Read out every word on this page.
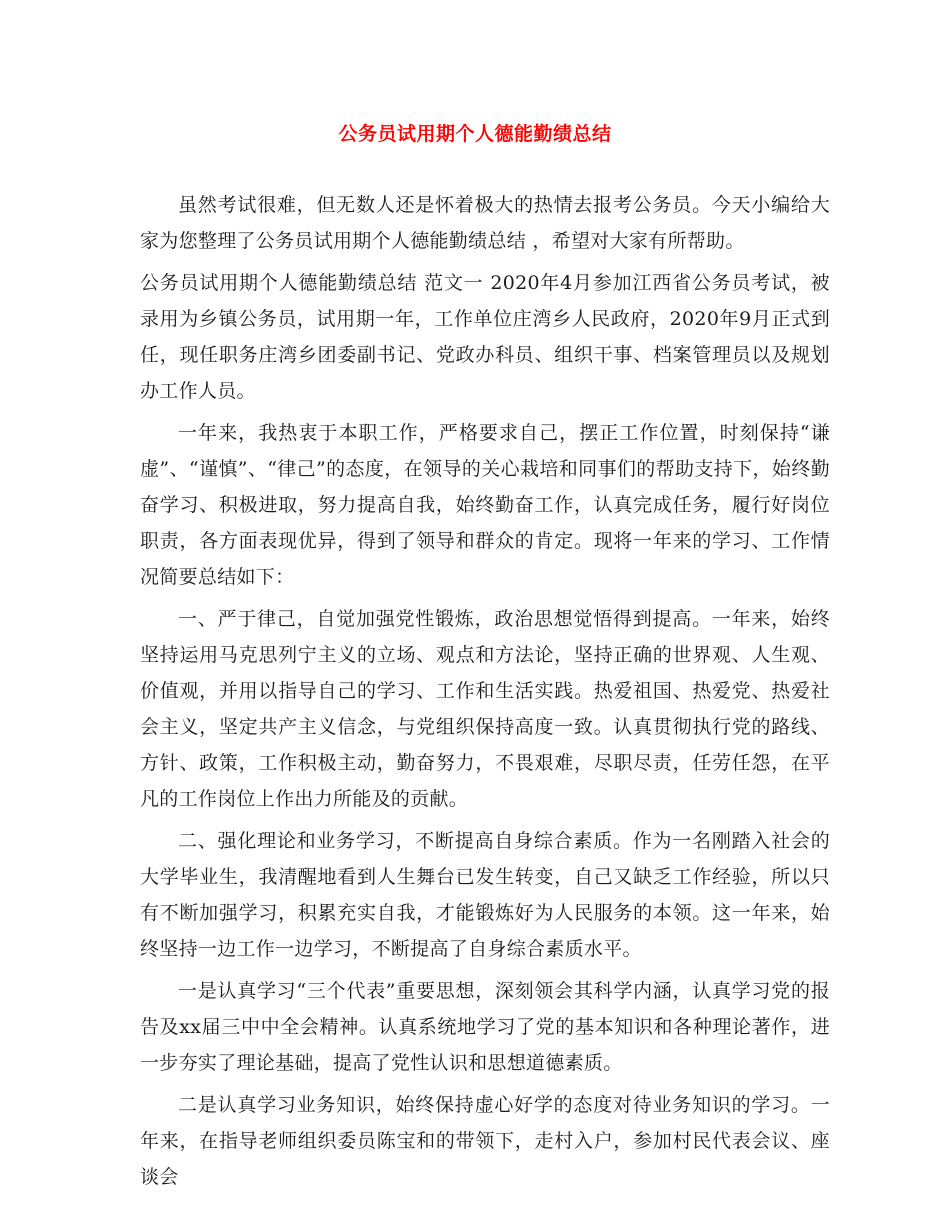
公务员试用期个人德能勤绩总结

虽然考试很难，但无数人还是怀着极大的热情去报考公务员。今天小编给大家为您整理了公务员试用期个人德能勤绩总结 ，希望对大家有所帮助。

公务员试用期个人德能勤绩总结 范文一 2020年4月参加江西省公务员考试，被录用为乡镇公务员，试用期一年，工作单位庄湾乡人民政府，2020年9月正式到任，现任职务庄湾乡团委副书记、党政办科员、组织干事、档案管理员以及规划办工作人员。

一年来，我热衷于本职工作，严格要求自己，摆正工作位置，时刻保持“谦虚”、“谨慎”、“律己”的态度，在领导的关心栽培和同事们的帮助支持下，始终勤奋学习、积极进取，努力提高自我，始终勤奋工作，认真完成任务，履行好岗位职责，各方面表现优异，得到了领导和群众的肯定。现将一年来的学习、工作情况简要总结如下：

一、严于律己，自觉加强党性锻炼，政治思想觉悟得到提高。一年来，始终坚持运用马克思列宁主义的立场、观点和方法论，坚持正确的世界观、人生观、价值观，并用以指导自己的学习、工作和生活实践。热爱祖国、热爱党、热爱社会主义，坚定共产主义信念，与党组织保持高度一致。认真贯彻执行党的路线、方针、政策，工作积极主动，勤奋努力，不畏艰难，尽职尽责，任劳任怨，在平凡的工作岗位上作出力所能及的贡献。

二、强化理论和业务学习，不断提高自身综合素质。作为一名刚踏入社会的大学毕业生，我清醒地看到人生舞台已发生转变，自己又缺乏工作经验，所以只有不断加强学习，积累充实自我，才能锻炼好为人民服务的本领。这一年来，始终坚持一边工作一边学习，不断提高了自身综合素质水平。

一是认真学习“三个代表”重要思想，深刻领会其科学内涵，认真学习党的报告及xx届三中中全会精神。认真系统地学习了党的基本知识和各种理论著作，进一步夯实了理论基础，提高了党性认识和思想道德素质。

二是认真学习业务知识，始终保持虚心好学的态度对待业务知识的学习。一年来，在指导老师组织委员陈宝和的带领下，走村入户，参加村民代表会议、座谈会
